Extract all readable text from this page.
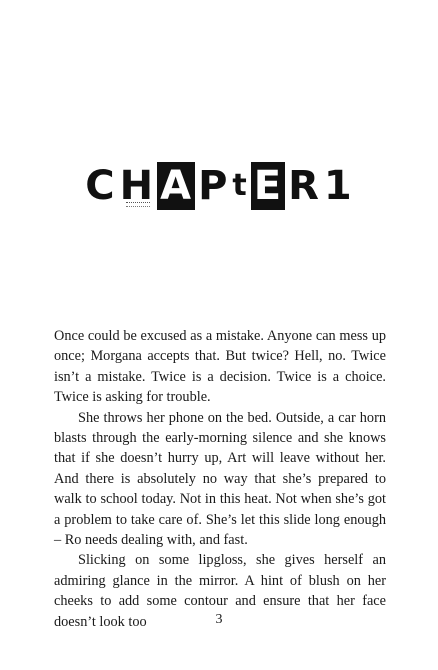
C H A P t E R1

Once could be excused as a mistake. Anyone can mess up once; Morgana accepts that. But twice? Hell, no. Twice isn’t a mistake. Twice is a decision. Twice is a choice. Twice is asking for trouble.

She throws her phone on the bed. Outside, a car horn blasts through the early-morning silence and she knows that if she doesn’t hurry up, Art will leave without her. And there is absolutely no way that she’s prepared to walk to school today. Not in this heat. Not when she’s got a problem to take care of. She’s let this slide long enough – Ro needs dealing with, and fast.

Slicking on some lipgloss, she gives herself an admiring glance in the mirror. A hint of blush on her cheeks to add some contour and ensure that her face doesn’t look too	3
